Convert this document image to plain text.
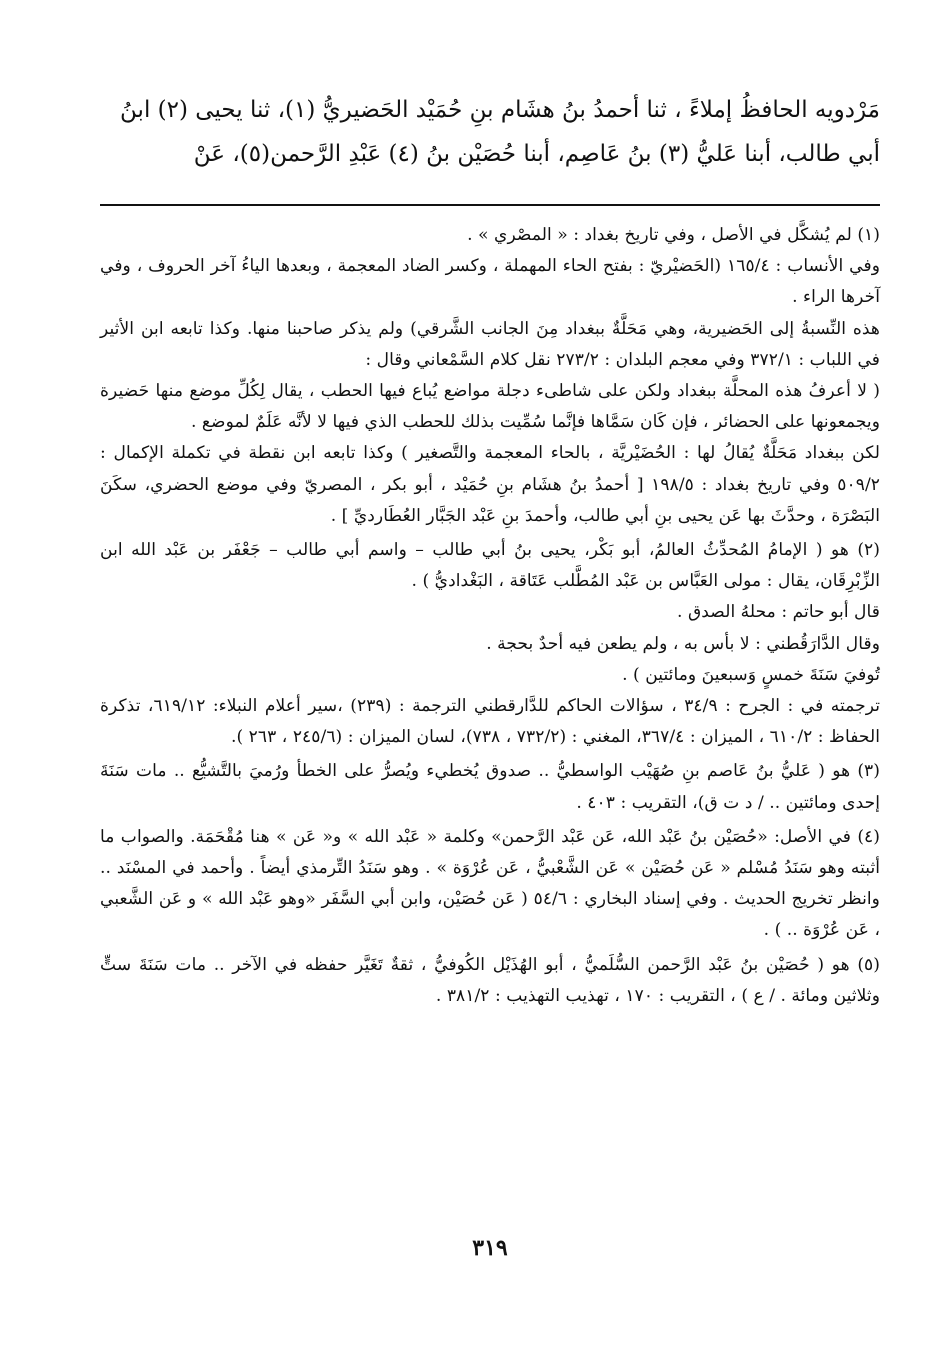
مَرْدويه الحافظُ إملاءً ، ثنا أحمدُ بنُ هشَام بنِ حُمَيْد الحَضيريُّ (١)، ثنا يحيى (٢) ابنُ

أبي طالب، أبنا عَليُّ (٣) بنُ عَاصِم، أبنا حُصَيْن بنُ (٤) عَبْدِ الرَّحمن(٥)، عَنْ

(١) لم يُشكَّل في الأصل ، وفي تاريخ بغداد : « المصْري » .

وفي الأنساب : ١٦٥/٤ (الحَضيْريّ : بفتح الحاء المهملة ، وكسر الضاد المعجمة ، وبعدها الياءُ آخر الحروف ، وفي آخرها الراء .

هذه النِّسبةُ إلى الحَضيرية، وهي مَحَلَّةٌ ببغداد مِنَ الجانب الشَّرقي) ولم يذكر صاحبنا منها. وكذا تابعه ابن الأثير في اللباب : ٣٧٢/١ وفي معجم البلدان : ٢٧٣/٢ نقل كلام السَّمْعاني وقال :

( لا أعرفُ هذه المحلَّة ببغداد ولكن على شاطىء دجلة مواضع يُباع فيها الحطب ، يقال لِكُلِّ موضع منها حَضيرة ويجمعونها على الحضائر ، فإن كَان سَمَّاها فإنَّما سُمِّيت بذلك للحطب الذي فيها لا لأنَّه عَلَمٌ لموضع .

لكن ببغداد مَحَلَّةٌ يُقالُ لها : الحُضَيْريَّة ، بالحاء المعجمة والتَّصغير ) وكذا تابعه ابن نقطة في تكملة الإكمال : ٥٠٩/٢ وفي تاريخ بغداد : ١٩٨/٥ [ أحمدُ بنُ هشَام بنِ حُمَيْد ، أبو بكر ، المصريّ وفي موضع الحضري، سكَنَ البَصْرَة ، وحدَّثَ بها عَن يحيى بنِ أبي طالب، وأحمدَ بنِ عَبْد الجَبَّار العُطَارديِّ ] .

(٢) هو ( الإمامُ المُحدِّثُ العالمُ، أبو بَكْر، يحيى بنُ أبي طالب – واسم أبي طالب – جَعْفَر بن عَبْد الله ابن الزِّبْرِقَان، يقال : مولى العَبَّاس بن عَبْد المُطَّلب عَتَاقة ، البَغْداديُّ ) .

قال أبو حاتم : محلهُ الصدق .

وقال الدَّارَقُطني : لا بأس به ، ولم يطعن فيه أحدٌ بحجة .

تُوفيَ سَنَةَ خمسٍ وَسبعينَ ومائتين ) .

ترجمته في : الجرح : ٣٤/٩ ، سؤالات الحاكم للدَّارقطني الترجمة : (٢٣٩) ،سير أعلام النبلاء: ٦١٩/١٢، تذكرة الحفاظ : ٦١٠/٢ ، الميزان : ٣٦٧/٤، المغني : (٧٣٢/٢ ، ٧٣٨)، لسان الميزان : (٢٤٥/٦ ، ٢٦٣ ).

(٣) هو ( عَليُّ بنُ عَاصم بنِ صُهَيْب الواسطيُّ .. صدوق يُخطيء ويُصرُّ على الخطأ ورُميَ بالتَّشيُّع .. مات سَنَةَ إحدى ومائتين .. / د ت ق)، التقريب : ٤٠٣ .

(٤) في الأصل: «حُصَيْن بنُ عَبْد الله، عَن عَبْد الرَّحمن» وكلمة « عَبْد الله » و« عَن » هنا مُقْحَمَة. والصواب ما أثبته وهو سَنَدُ مُسْلم « عَن حُصَيْن » عَن الشَّعْبيُّ ، عَن عُرْوَة » . وهو سَنَدُ التِّرمذي أيضاً . وأحمد في المسْنَد .. وانظر تخريج الحديث . وفي إسناد البخاري : ٥٤/٦ ( عَن حُصَيْن، وابن أبي السَّفَر «وهو عَبْد الله » و عَن الشَّعبي ، عَن عُرْوَة .. ) .

(٥) هو ( حُصَيْن بنُ عَبْد الرَّحمن السُّلَميُّ ، أبو الهُذَيْل الكُوفيُّ ، ثقةٌ تَغَيَّر حفظه في الآخر .. مات سَنَةَ ستٍّ وثلاثين ومائة . / ع ) ، التقريب : ١٧٠ ، تهذيب التهذيب : ٣٨١/٢ .

٣١٩
